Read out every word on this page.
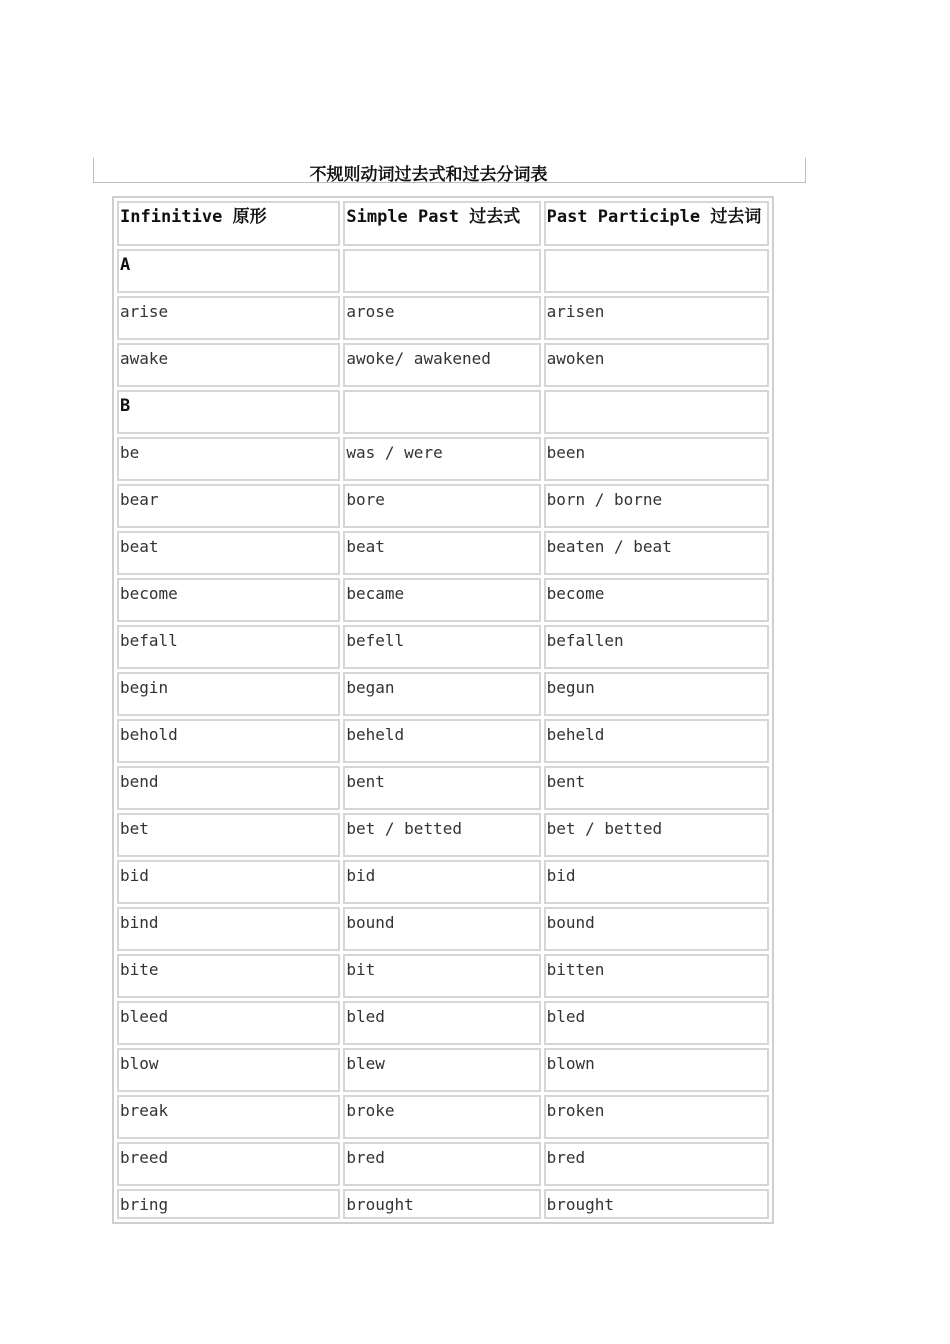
不规则动词过去式和过去分词表
Infinitive 原形	Simple Past 过去式	Past Participle 过去词
A		
arise	arose	arisen
awake	awoke/ awakened	awoken
B		
be	was / were	been
bear	bore	born / borne
beat	beat	beaten / beat
become	became	become
befall	befell	befallen
begin	began	begun
behold	beheld	beheld
bend	bent	bent
bet	bet / betted	bet / betted
bid	bid	bid
bind	bound	bound
bite	bit	bitten
bleed	bled	bled
blow	blew	blown
break	broke	broken
breed	bred	bred
bring	brought	brought
